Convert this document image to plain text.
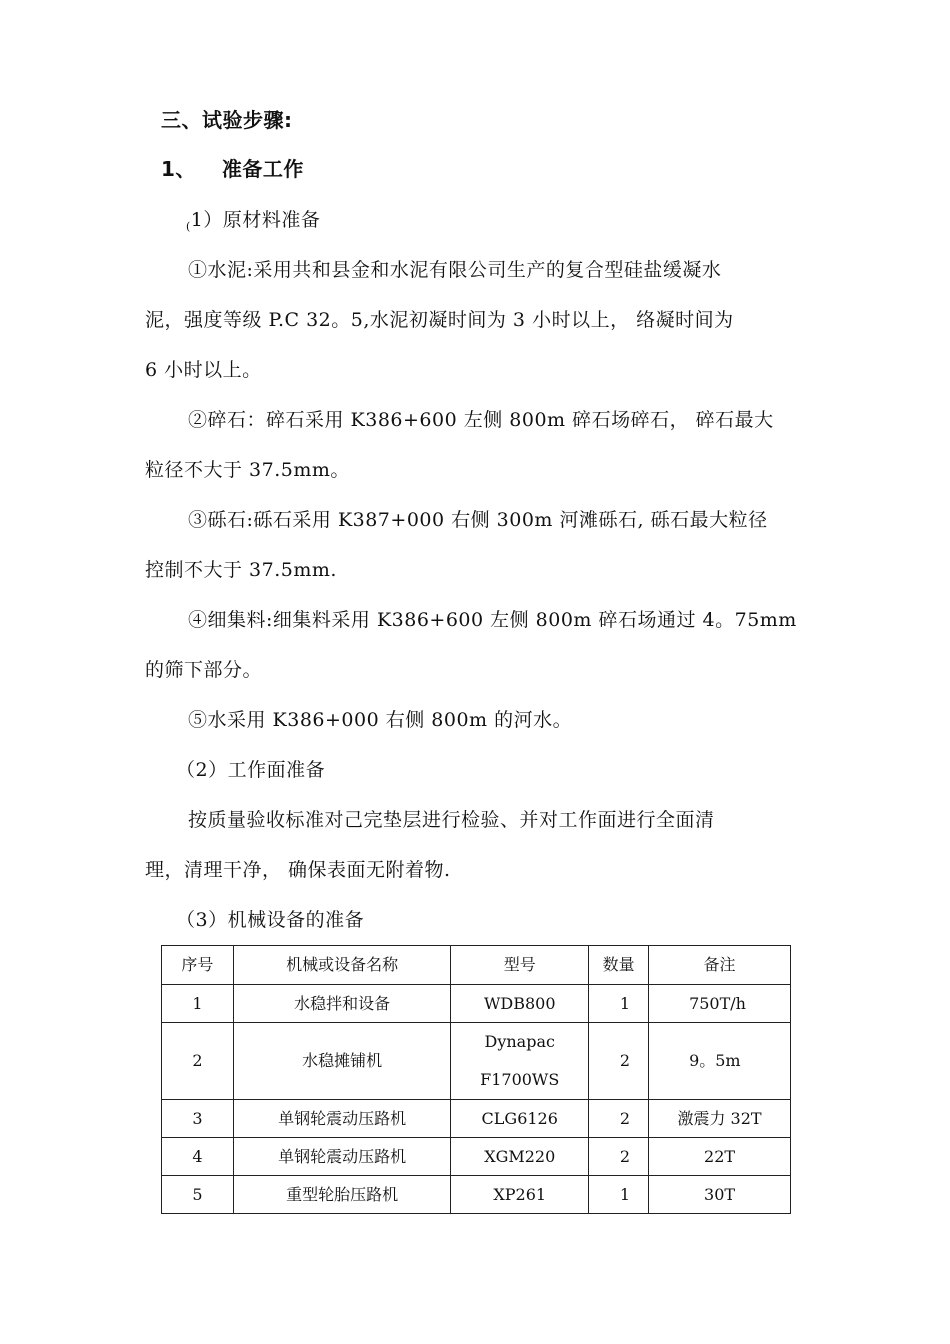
三、试验步骤:
1、 准备工作
$_($1）原材料准备
①水泥:采用共和县金和水泥有限公司生产的复合型硅盐缓凝水
泥，强度等级 P.C 32。5,水泥初凝时间为 3 小时以上， 络凝时间为
6 小时以上。
②碎石：碎石采用 K386+600 左侧 800m 碎石场碎石， 碎石最大
粒径不大于 37.5mm。
③砾石:砾石采用 K387+000 右侧 300m 河滩砾石, 砾石最大粒径
控制不大于 37.5mm.
④细集料:细集料采用 K386+600 左侧 800m 碎石场通过 4。75mm
的筛下部分。
⑤水采用 K386+000 右侧 800m 的河水。
（2）工作面准备
按质量验收标准对己完垫层进行检验、并对工作面进行全面清
理，清理干净， 确保表面无附着物.
（3）机械设备的准备
序号	机械或设备名称	型号	数量	备注
1	水稳拌和设备	WDB800	1	750T/h
2	水稳摊铺机	Dynapac
F1700WS	2	9。5m
3	单钢轮震动压路机	CLG6126	2	激震力 32T
4	单钢轮震动压路机	XGM220	2	22T
5	重型轮胎压路机	XP261	1	30T
